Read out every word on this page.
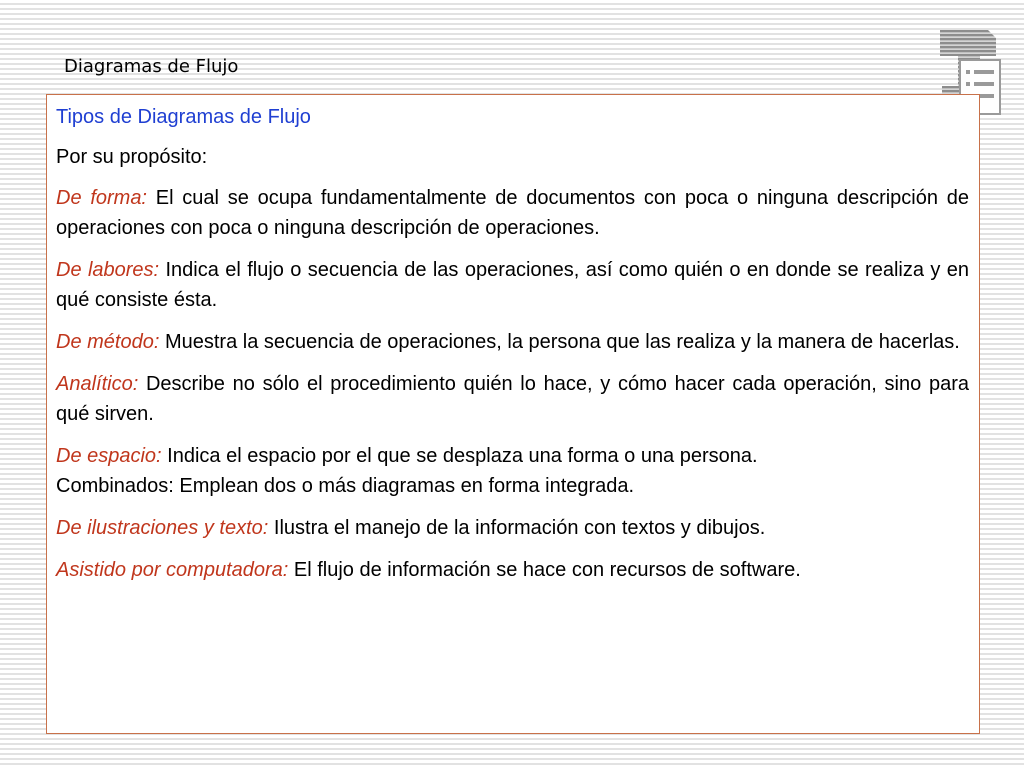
Diagramas de Flujo

Tipos de Diagramas de Flujo

Por su propósito:

De forma: El cual se ocupa fundamentalmente de documentos con poca o ninguna descripción de operaciones con poca o ninguna descripción de operaciones.
De labores: Indica el flujo o secuencia de las operaciones, así como quién o en donde se realiza y en qué consiste ésta.
De método: Muestra la secuencia de operaciones, la persona que las realiza y la manera de hacerlas.
Analítico: Describe no sólo el procedimiento quién lo hace, y cómo hacer cada operación, sino para qué sirven.
De espacio: Indica el espacio por el que se desplaza una forma o una persona.
Combinados: Emplean dos o más diagramas en forma integrada.
De ilustraciones y texto: Ilustra el manejo de la información con textos y dibujos.
Asistido por computadora: El flujo de información se hace con recursos de software.
